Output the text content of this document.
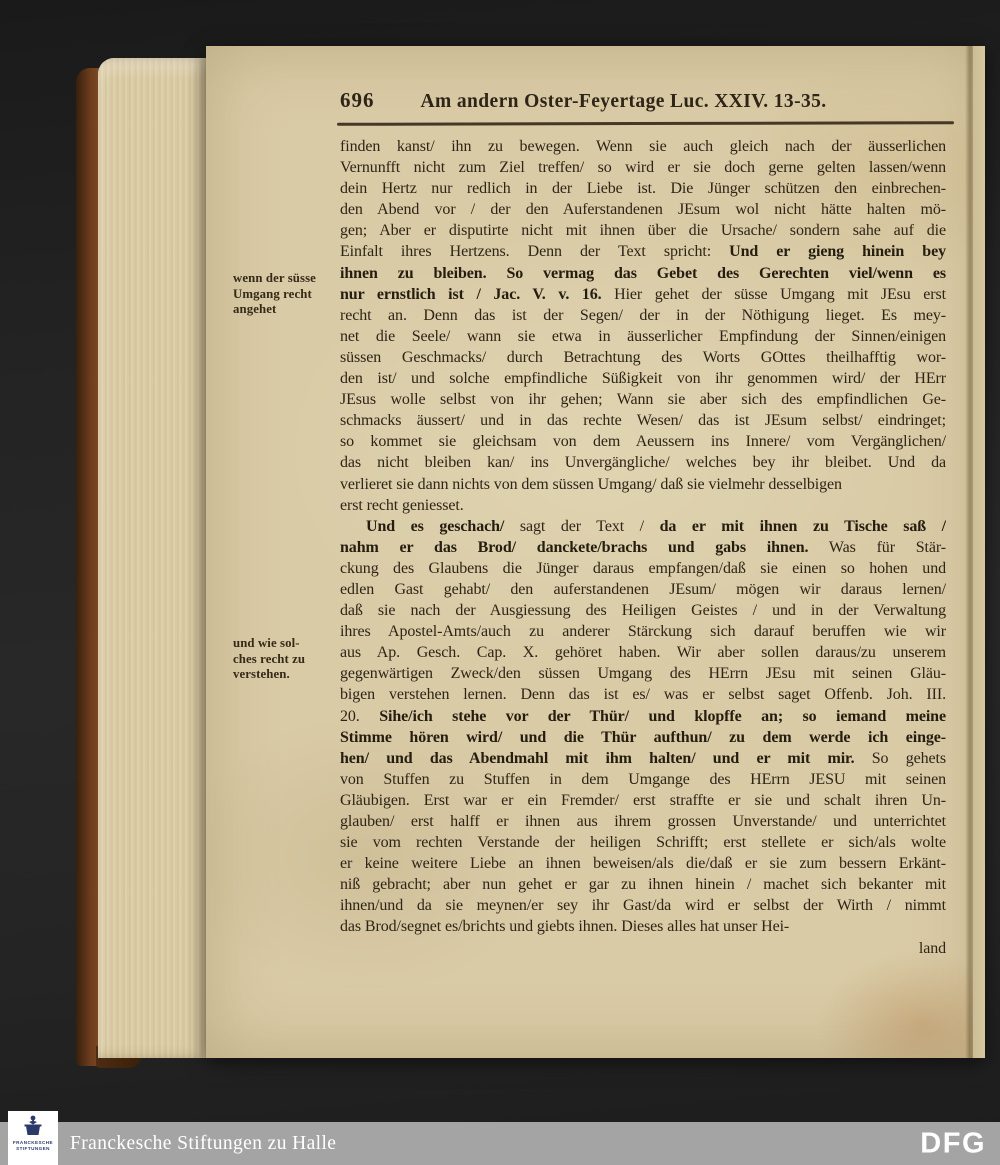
696 Am andern Oster-Feyertage Luc. XXIV. 13-35.
wenn der süsse
Umgang recht
angehet
und wie sol-
ches recht zu
verstehen.
finden kanst/ ihn zu bewegen. Wenn sie auch gleich nach der äusserlichen
Vernunfft nicht zum Ziel treffen/ so wird er sie doch gerne gelten lassen/wenn
dein Hertz nur redlich in der Liebe ist. Die Jünger schützen den einbrechen-
den Abend vor / der den Auferstandenen JEsum wol nicht hätte halten mö-
gen; Aber er disputirte nicht mit ihnen über die Ursache/ sondern sahe auf die
Einfalt ihres Hertzens. Denn der Text spricht: Und er gieng hinein bey
ihnen zu bleiben. So vermag das Gebet des Gerechten viel/wenn es
nur ernstlich ist / Jac. V. v. 16. Hier gehet der süsse Umgang mit JEsu erst
recht an. Denn das ist der Segen/ der in der Nöthigung lieget. Es mey-
net die Seele/ wann sie etwa in äusserlicher Empfindung der Sinnen/einigen
süssen Geschmacks/ durch Betrachtung des Worts GOttes theilhafftig wor-
den ist/ und solche empfindliche Süßigkeit von ihr genommen wird/ der HErr
JEsus wolle selbst von ihr gehen; Wann sie aber sich des empfindlichen Ge-
schmacks äussert/ und in das rechte Wesen/ das ist JEsum selbst/ eindringet;
so kommet sie gleichsam von dem Aeussern ins Innere/ vom Vergänglichen/
das nicht bleiben kan/ ins Unvergängliche/ welches bey ihr bleibet. Und da
verlieret sie dann nichts von dem süssen Umgang/ daß sie vielmehr desselbigen
erst recht geniesset.
Und es geschach/ sagt der Text / da er mit ihnen zu Tische saß /
nahm er das Brod/ danckete/brachs und gabs ihnen. Was für Stär-
ckung des Glaubens die Jünger daraus empfangen/daß sie einen so hohen und
edlen Gast gehabt/ den auferstandenen JEsum/ mögen wir daraus lernen/
daß sie nach der Ausgiessung des Heiligen Geistes / und in der Verwaltung
ihres Apostel-Amts/auch zu anderer Stärckung sich darauf beruffen wie wir
aus Ap. Gesch. Cap. X. gehöret haben. Wir aber sollen daraus/zu unserem
gegenwärtigen Zweck/den süssen Umgang des HErrn JEsu mit seinen Gläu-
bigen verstehen lernen. Denn das ist es/ was er selbst saget Offenb. Joh. III.
20. Sihe/ich stehe vor der Thür/ und klopffe an; so iemand meine
Stimme hören wird/ und die Thür aufthun/ zu dem werde ich einge-
hen/ und das Abendmahl mit ihm halten/ und er mit mir. So gehets
von Stuffen zu Stuffen in dem Umgange des HErrn JESU mit seinen
Gläubigen. Erst war er ein Fremder/ erst straffte er sie und schalt ihren Un-
glauben/ erst halff er ihnen aus ihrem grossen Unverstande/ und unterrichtet
sie vom rechten Verstande der heiligen Schrifft; erst stellete er sich/als wolte
er keine weitere Liebe an ihnen beweisen/als die/daß er sie zum bessern Erkänt-
niß gebracht; aber nun gehet er gar zu ihnen hinein / machet sich bekanter mit
ihnen/und da sie meynen/er sey ihr Gast/da wird er selbst der Wirth / nimmt
das Brod/segnet es/brichts und giebts ihnen. Dieses alles hat unser Hei-
land
FRANCKESCHE
STIFTUNGEN Franckesche Stiftungen zu Halle	DFG
